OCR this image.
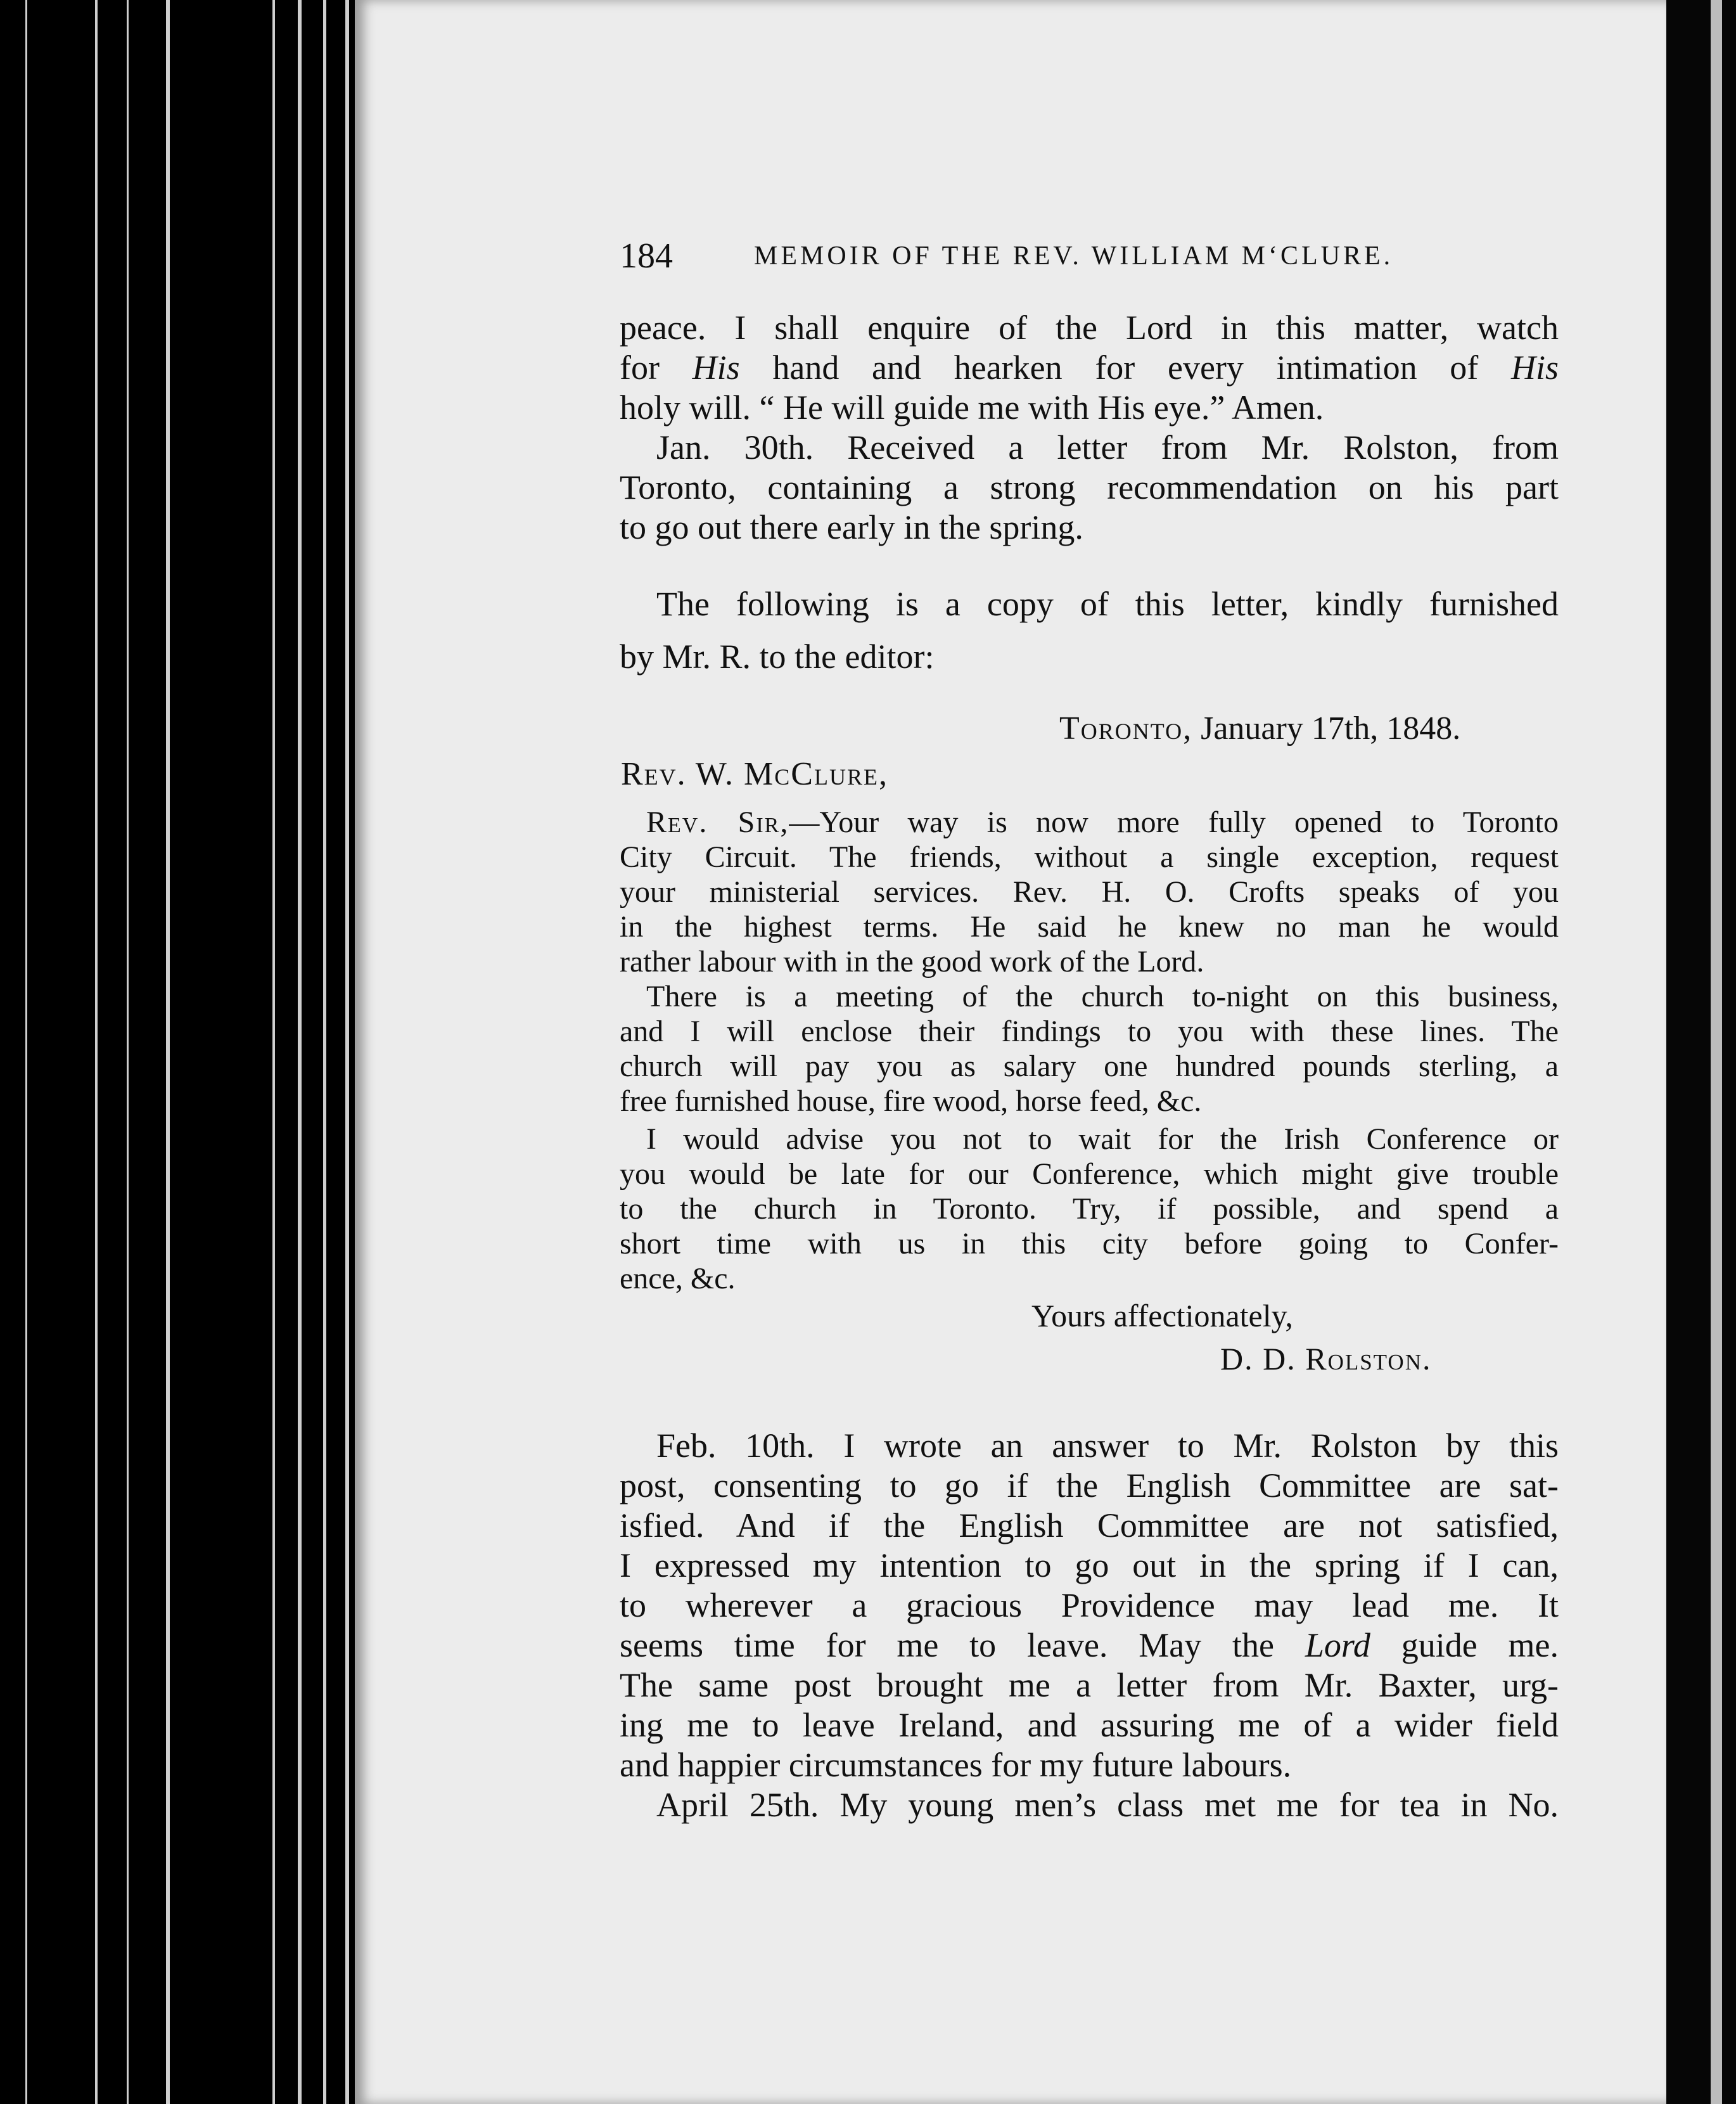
184	MEMOIR OF THE REV. WILLIAM M‘CLURE.

peace. I shall enquire of the Lord in this matter, watch

for His hand and hearken for every intimation of His

holy will. “ He will guide me with His eye.” Amen.

Jan. 30th. Received a letter from Mr. Rolston, from

Toronto, containing a strong recommendation on his part

to go out there early in the spring.

The following is a copy of this letter, kindly furnished

by Mr. R. to the editor:

Toronto, January 17th, 1848.

Rev. W. McClure,

Rev. Sir,—Your way is now more fully opened to Toronto

City Circuit. The friends, without a single exception, request

your ministerial services. Rev. H. O. Crofts speaks of you

in the highest terms. He said he knew no man he would

rather labour with in the good work of the Lord.

There is a meeting of the church to-night on this business,

and I will enclose their findings to you with these lines. The

church will pay you as salary one hundred pounds sterling, a

free furnished house, fire wood, horse feed, &c.

I would advise you not to wait for the Irish Conference or

you would be late for our Conference, which might give trouble

to the church in Toronto. Try, if possible, and spend a

short time with us in this city before going to Confer-

ence, &c.

Yours affectionately,

D. D. Rolston.

Feb. 10th. I wrote an answer to Mr. Rolston by this

post, consenting to go if the English Committee are sat-

isfied. And if the English Committee are not satisfied,

I expressed my intention to go out in the spring if I can,

to wherever a gracious Providence may lead me. It

seems time for me to leave. May the Lord guide me.

The same post brought me a letter from Mr. Baxter, urg-

ing me to leave Ireland, and assuring me of a wider field

and happier circumstances for my future labours.

April 25th. My young men’s class met me for tea in No.
